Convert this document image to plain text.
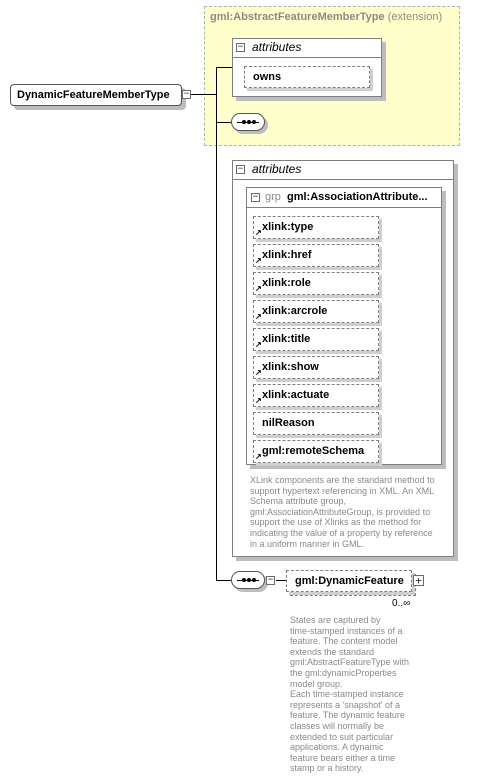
gml:AbstractFeatureMemberType (extension)
− attributes
owns
DynamicFeatureMemberType −
− attributes
− grp gml:AssociationAttribute...
xlink:type
↗
xlink:href
↗
xlink:role
↗
xlink:arcrole
↗
xlink:title
↗
xlink:show
↗
xlink:actuate
↗
nilReason
gml:remoteSchema
↗
XLink components are the standard method to
support hypertext referencing in XML. An XML
Schema attribute group,
gml:AssociationAttributeGroup, is provided to
support the use of Xlinks as the method for
indicating the value of a property by reference
in a uniform manner in GML.
−	gml:DynamicFeature	+
0..∞
States are captured by
time-stamped instances of a
feature. The content model
extends the standard
gml:AbstractFeatureType with
the gml:dynamicProperties
model group.
Each time-stamped instance
represents a 'snapshot' of a
feature. The dynamic feature
classes will normally be
extended to suit particular
applications. A dynamic
feature bears either a time
stamp or a history.
